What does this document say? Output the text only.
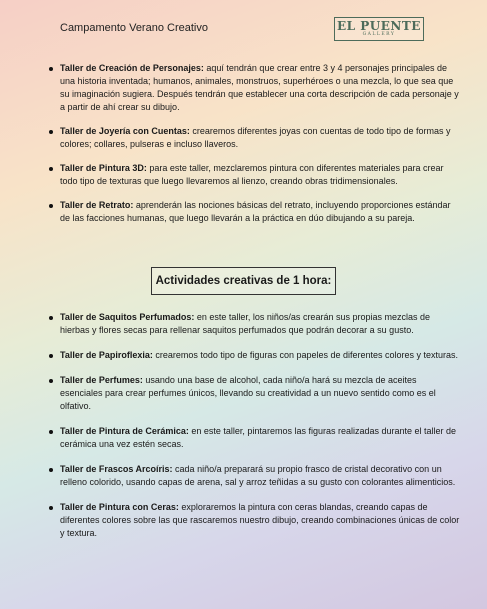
Campamento Verano Creativo	EL PUENTE
GALLERY
Taller de Creación de Personajes: aquí tendrán que crear entre 3 y 4 personajes principales de una historia inventada; humanos, animales, monstruos, superhéroes o una mezcla, lo que sea que su imaginación sugiera. Después tendrán que establecer una corta descripción de cada personaje y a partir de ahí crear su dibujo.
Taller de Joyería con Cuentas: crearemos diferentes joyas con cuentas de todo tipo de formas y colores; collares, pulseras e incluso llaveros.
Taller de Pintura 3D: para este taller, mezclaremos pintura con diferentes materiales para crear todo tipo de texturas que luego llevaremos al lienzo, creando obras tridimensionales.
Taller de Retrato: aprenderán las nociones básicas del retrato, incluyendo proporciones estándar de las facciones humanas, que luego llevarán a la práctica en dúo dibujando a su pareja.
Actividades creativas de 1 hora:
Taller de Saquitos Perfumados: en este taller, los niños/as crearán sus propias mezclas de hierbas y flores secas para rellenar saquitos perfumados que podrán decorar a su gusto.
Taller de Papiroflexia: crearemos todo tipo de figuras con papeles de diferentes colores y texturas.
Taller de Perfumes: usando una base de alcohol, cada niño/a hará su mezcla de aceites esenciales para crear perfumes únicos, llevando su creatividad a un nuevo sentido como es el olfativo.
Taller de Pintura de Cerámica: en este taller, pintaremos las figuras realizadas durante el taller de cerámica una vez estén secas.
Taller de Frascos Arcoíris: cada niño/a preparará su propio frasco de cristal decorativo con un relleno colorido, usando capas de arena, sal y arroz teñidas a su gusto con colorantes alimenticios.
Taller de Pintura con Ceras: exploraremos la pintura con ceras blandas, creando capas de diferentes colores sobre las que rascaremos nuestro dibujo, creando combinaciones únicas de color y textura.
